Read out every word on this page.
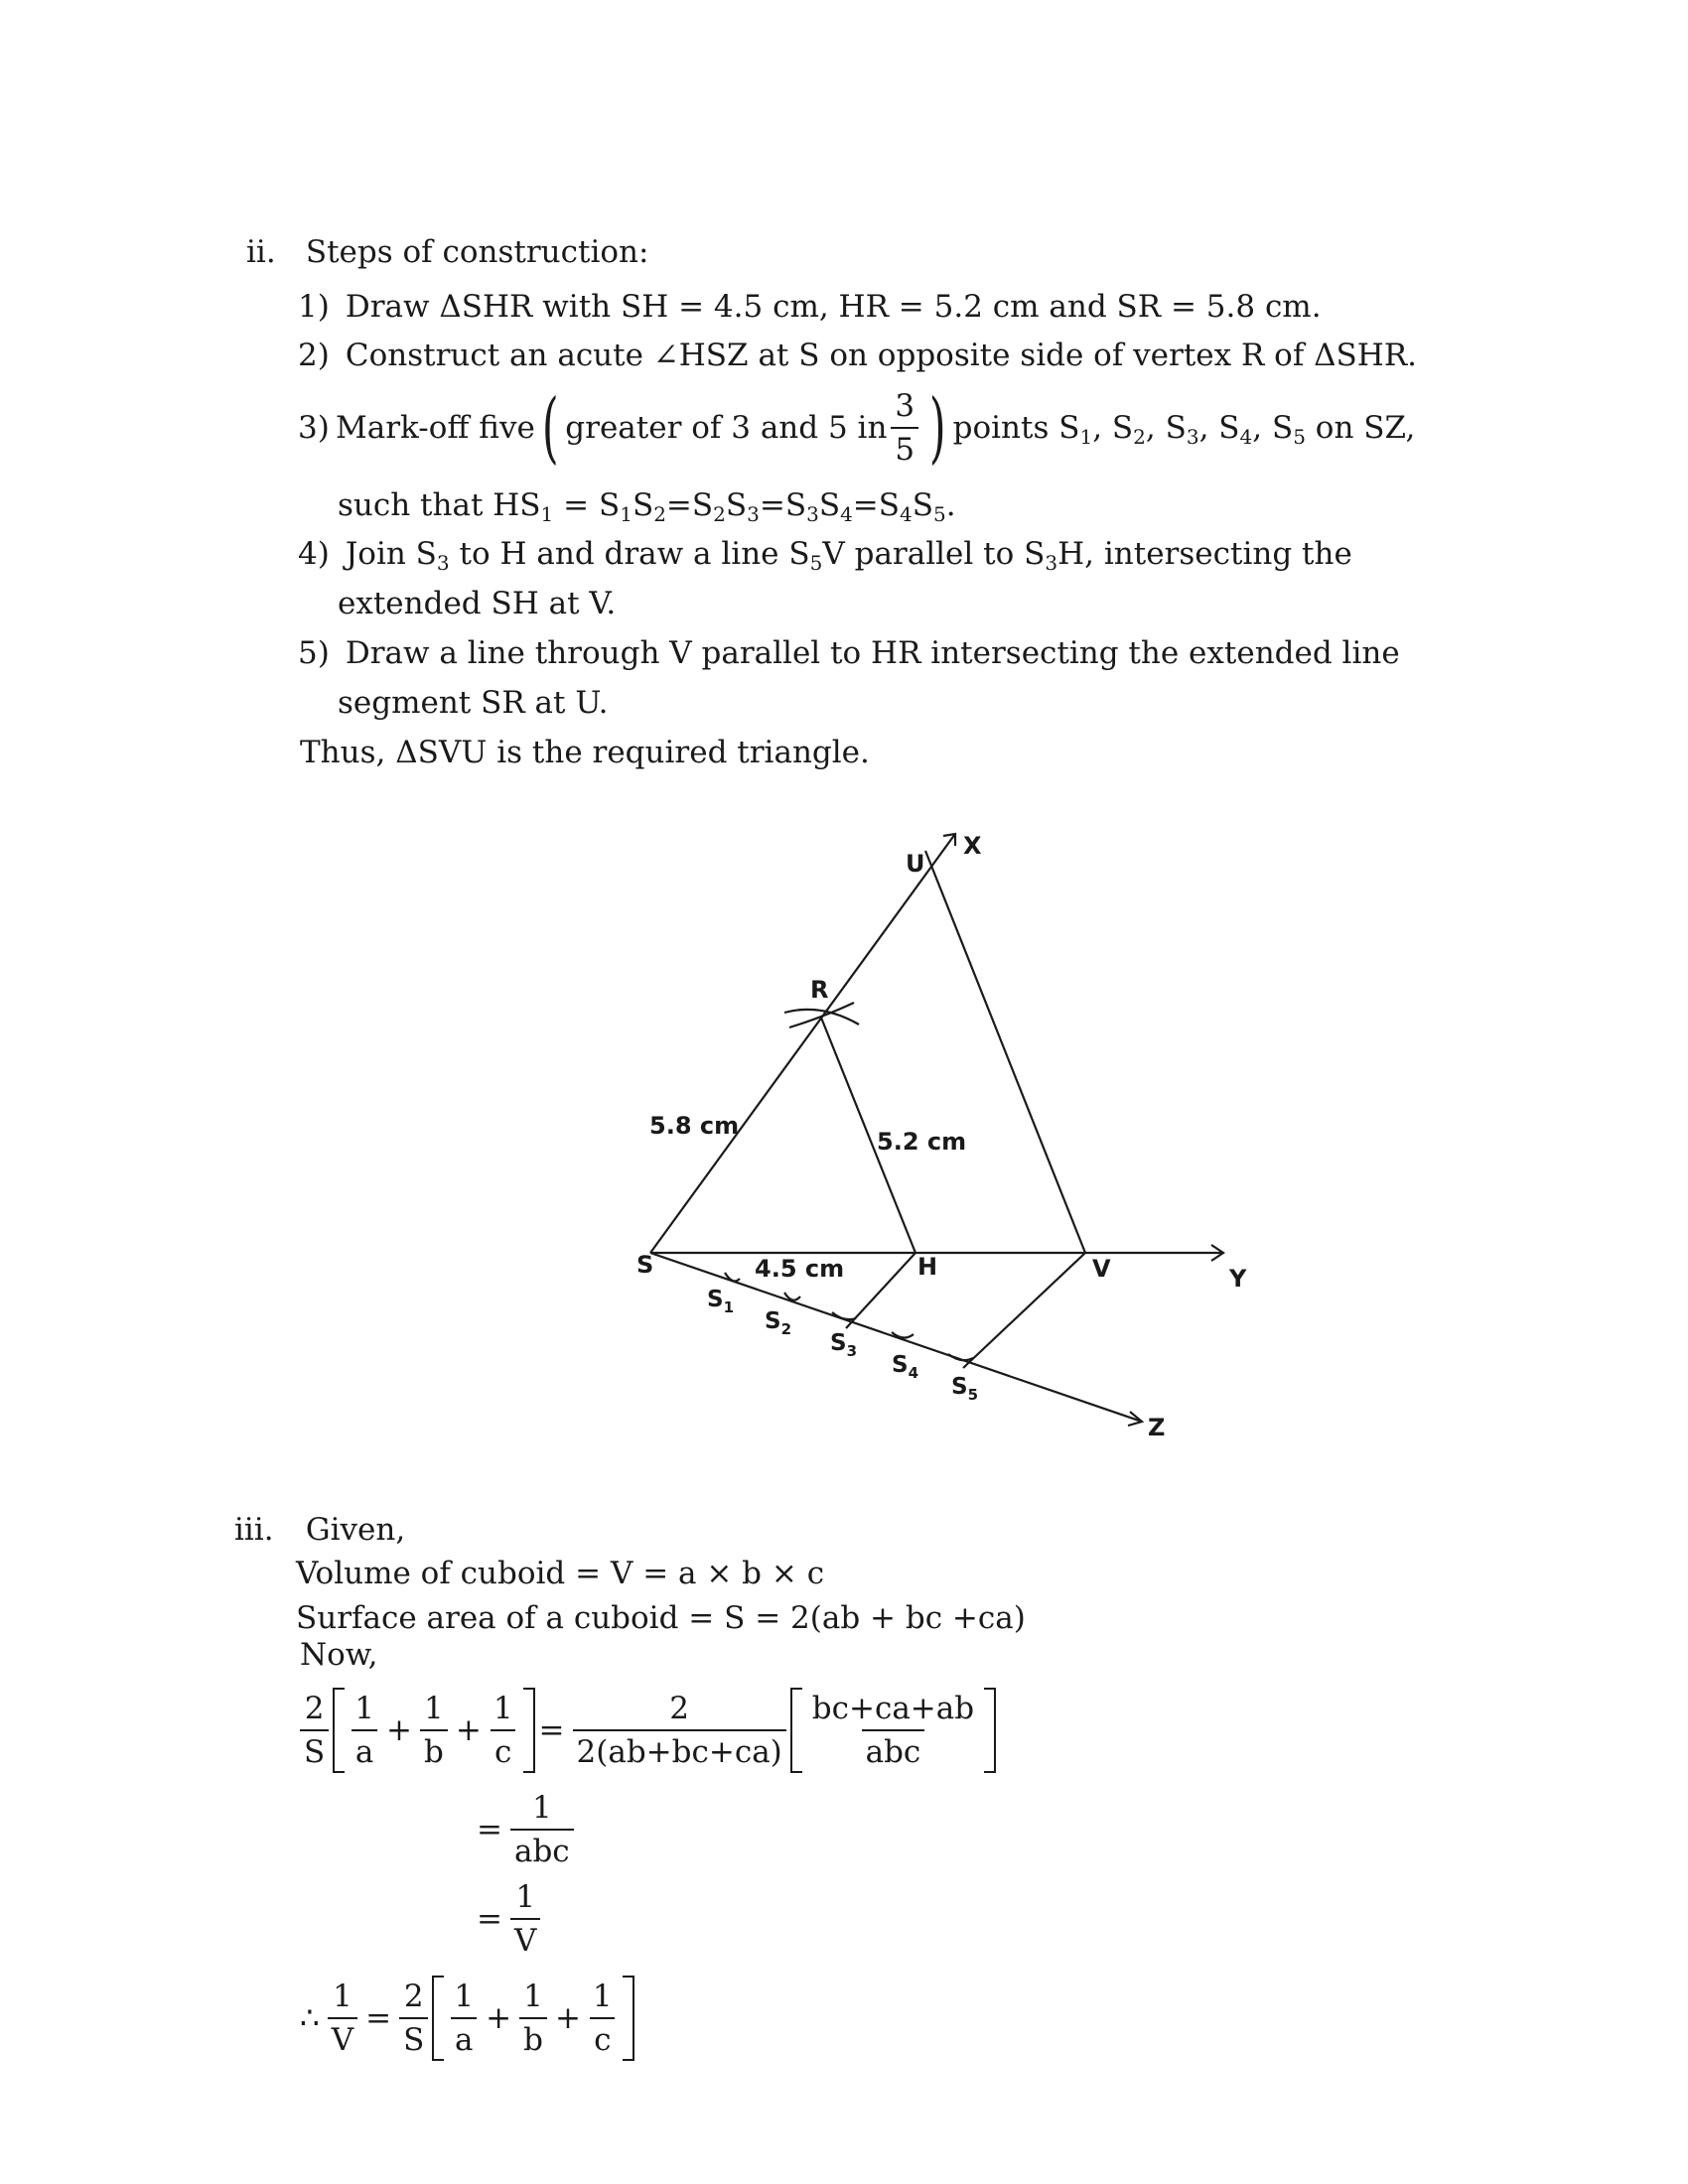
ii. Steps of construction:
1) Draw ΔSHR with SH = 4.5 cm, HR = 5.2 cm and SR = 5.8 cm.
2) Construct an acute ∠HSZ at S on opposite side of vertex R of ΔSHR.
3) Mark-off five ( greater of 3 and 5 in $\frac{3}{5}$ ) points $S_1$, $S_2$, $S_3$, $S_4$, $S_5$ on SZ,
such that $HS_1 = S_1S_2=S_2S_3=S_3S_4=S_4S_5$.
4) Join $S_3$ to H and draw a line $S_5V$ parallel to $S_3H$, intersecting the
extended SH at V.
5) Draw a line through V parallel to HR intersecting the extended line
segment SR at U.
Thus, ΔSVU is the required triangle.
U
X
R
S	H	V	Y
Z
5.8 cm
5.2 cm
4.5 cm
$S_1$
$S_2$
$S_3$
$S_4$
$S_5$
iii. Given,
Volume of cuboid = V = a × b × c
Surface area of a cuboid = S = 2(ab + bc +ca)
Now,
$\frac{2}{S} \frac{1}{a} + \frac{1}{b} + \frac{1}{c} = \frac{2}{2(ab+bc+ca)} \frac{bc+ca+ab}{\text{abc}}$
= $\frac{1}{\text{abc}}$
= $\frac{1}{V}$
∴ $\frac{1}{V} = \frac{2}{S} \frac{1}{a} + \frac{1}{b} + \frac{1}{c}$
